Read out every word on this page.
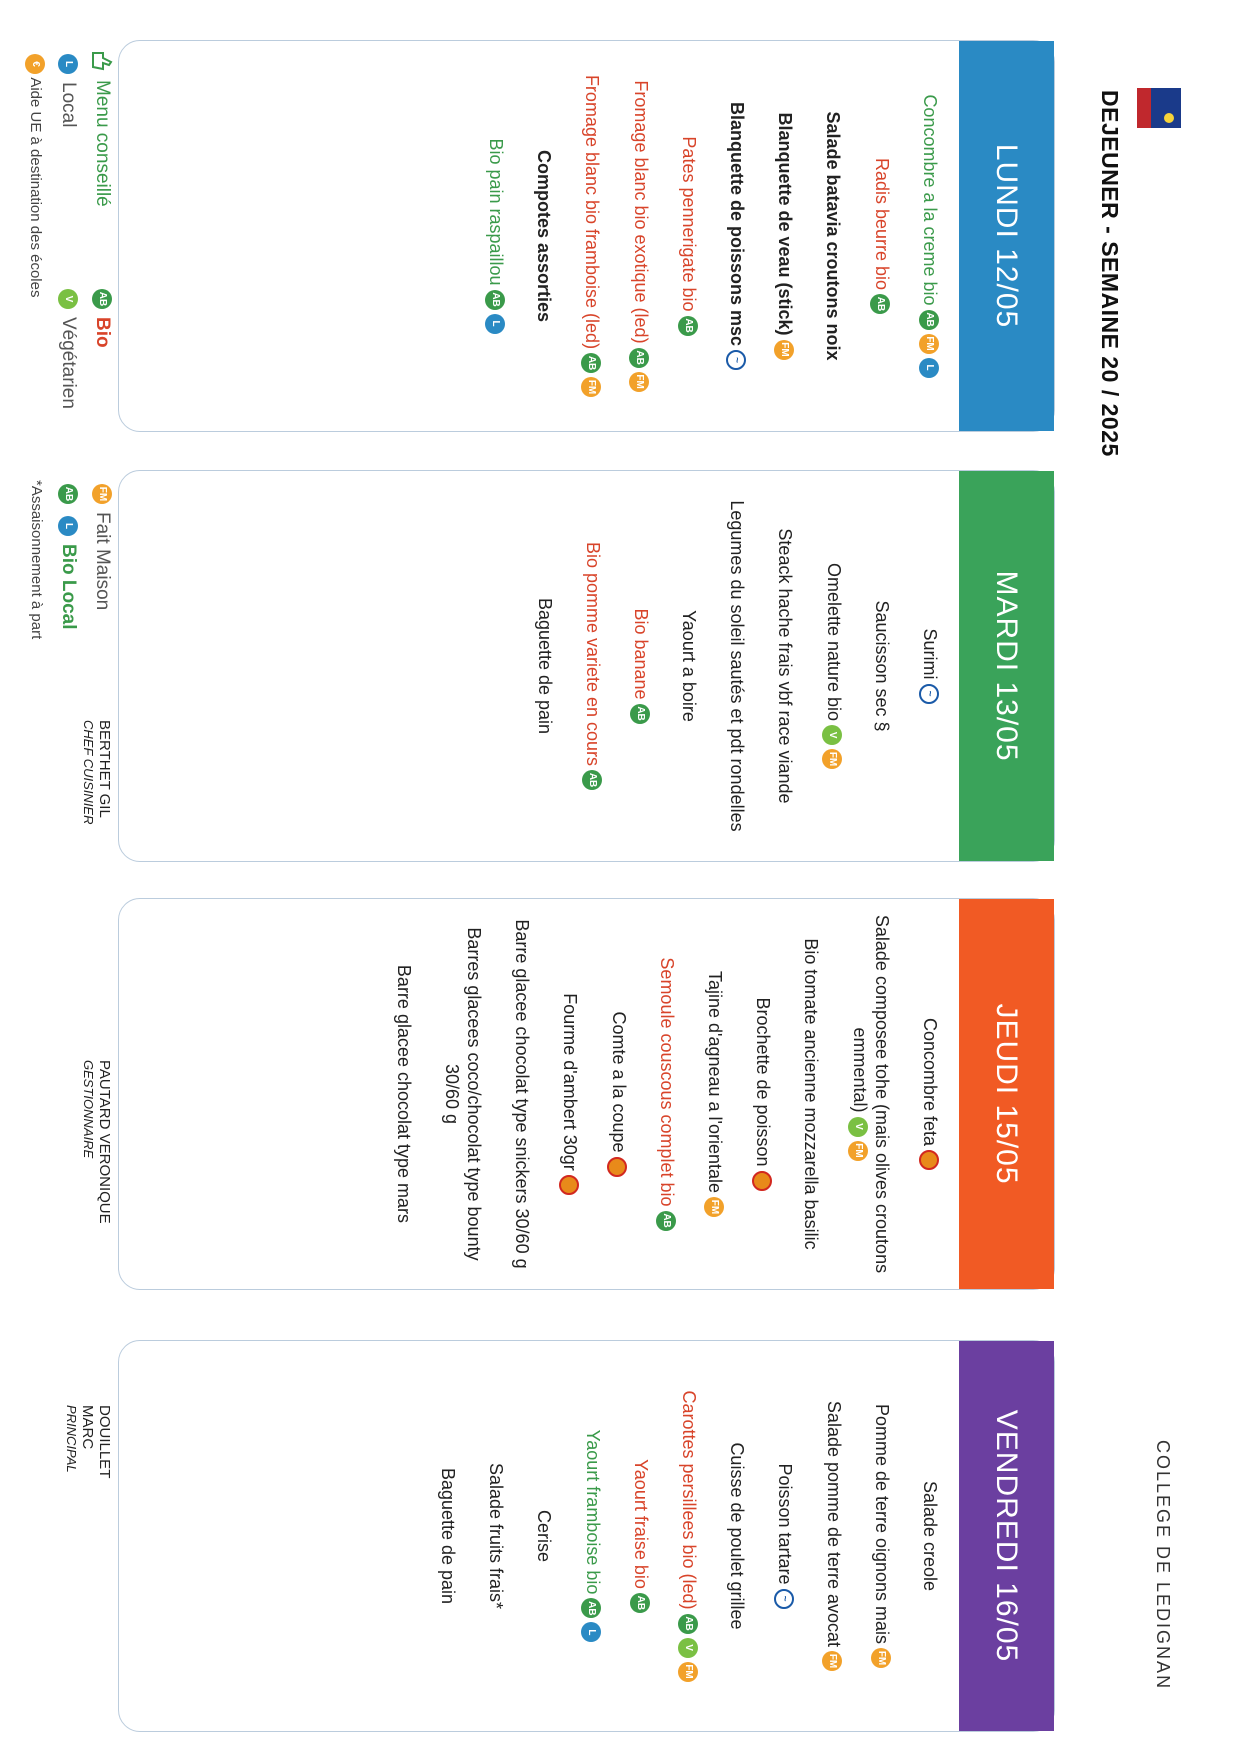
DEJEUNER - SEMAINE 20 / 2025
COLLEGE DE LEDIGNAN
LUNDI 12/05
Concombre a la creme bioABFML
Radis beurre bioAB
Salade batavia croutons noix
Blanquette de veau (stick)FM
Blanquette de poissons msc~
Pates pennerigate bioAB
Fromage blanc bio exotique (led)ABFM
Fromage blanc bio framboise (led)ABFM
Compotes assorties
Bio pain raspaillouABL
MARDI 13/05
Surimi~
Saucisson sec §
Omelette nature bioVFM
Steack hache frais vbf race viande
Legumes du soleil sautés et pdt rondelles
Yaourt a boire
Bio bananeAB
Bio pomme variete en coursAB
Baguette de pain
JEUDI 15/05
Concombre feta
Salade composee tohe (mais olives croutons emmental)VFM
Bio tomate ancienne mozzarella basilic
Brochette de poisson
Tajine d'agneau a l'orientaleFM
Semoule couscous complet bioAB
Comte a la coupe
Fourme d'ambert 30gr
Barre glacee chocolat type snickers 30/60 g
Barres glacees coco/chocolat type bounty 30/60 g
Barre glacee chocolat type mars
VENDREDI 16/05
Salade creole
Pomme de terre oignons maisFM
Salade pomme de terre avocatFM
Poisson tartare~
Cuisse de poulet grillee
Carottes persillees bio (led)ABVFM
Yaourt fraise bioAB
Yaourt framboise bioABL
Cerise
Salade fruits frais*
Baguette de pain
Menu conseillé
L
Local
€ Aide UE à destination des écoles
AB
Bio
V
Végétarien
FM
Fait Maison
AB
L
Bio Local
*Assaisonnement à part
BERTHET GIL
CHEF CUISINIER
PAUTARD VERONIQUE
GESTIONNAIRE
DOUILLET MARC
PRINCIPAL
